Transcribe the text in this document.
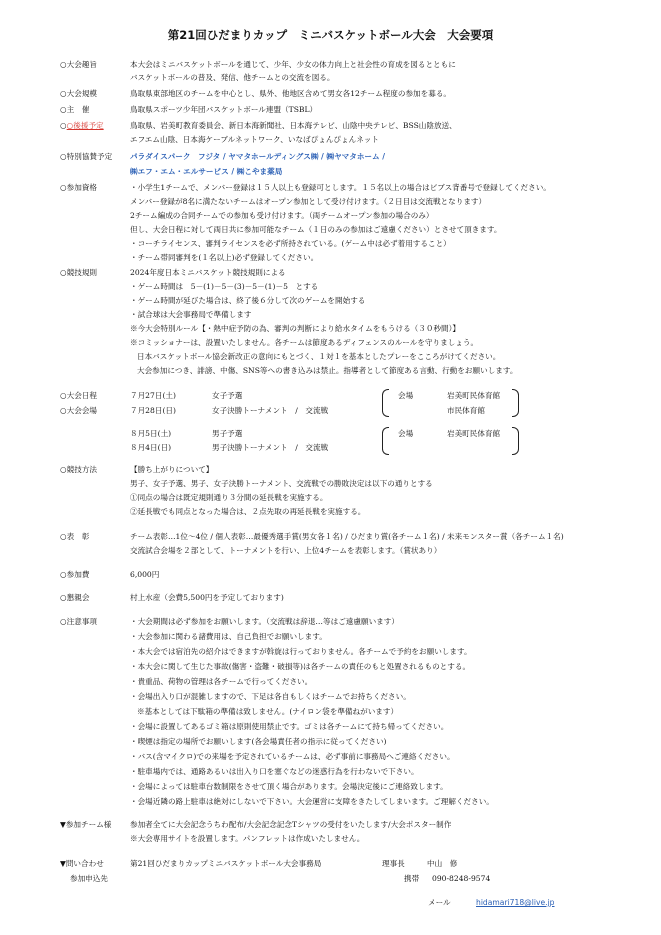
第21回ひだまりカップ　ミニバスケットボール大会　大会要項
○大会趣旨	本大会はミニバスケットボールを通じて、少年、少女の体力向上と社会性の育成を図るとともに
バスケットボールの普及、発信、他チームとの交流を図る。
○大会規模	鳥取県東部地区のチームを中心とし、県外、他地区含めて男女各12チーム程度の参加を募る。
○主　催	鳥取県スポーツ少年団バスケットボール連盟（TSBL）
○○後援予定	鳥取県、岩美町教育委員会、新日本海新聞社、日本海テレビ、山陰中央テレビ、BSS山陰放送、
エフエム山陰、日本海ケーブルネットワーク、いなばぴょんぴょんネット
○特別協賛予定 パラダイスパーク　フジタ / ヤマタホールディングス㈱ / ㈱ヤマタホーム /
㈱エフ・エム・エルサービス / ㈱こやま薬局
○参加資格	・小学生1チームで、メンバー登録は１５人以上も登録可とします。１５名以上の場合はビブス背番号で登録してください。
メンバー登録が8名に満たないチームはオープン参加として受け付けます。（２日目は交流戦となります）
2チーム編成の合同チームでの参加も受け付けます。（両チームオープン参加の場合のみ）
但し、大会日程に対して両日共に参加可能なチーム（１日のみの参加はご遠慮ください）とさせて頂きます。
・コーチライセンス、審判ライセンスを必ず所持されている。(ゲーム中は必ず着用すること）
・チーム帯同審判を(１名以上)必ず登録してください。
○競技規則	2024年度日本ミニバスケット競技規則による
・ゲーム時間は　5－(1)－5－(3)－5－(1)－5　とする
・ゲーム時間が延びた場合は、終了後６分して次のゲームを開始する
・試合球は大会事務局で準備します
※今大会特別ルール【・熱中症予防の為、審判の判断により給水タイムをもうける（３０秒間）】
※コミッショナーは、設置いたしません。各チームは節度あるディフェンスのルールを守りましょう。
日本バスケットボール協会新改正の意向にもとづく、１対１を基本としたプレーをこころがけてください。
大会参加につき、誹謗、中傷、SNS等への書き込みは禁止。指導者として節度ある言動、行動をお願いします。
○大会日程	７月27日(土)	女子予選	会場	岩美町民体育館
○大会会場	７月28日(日)	女子決勝トーナメント　/　交流戦	市民体育館
８月5日(土)	男子予選	会場	岩美町民体育館
８月4日(日)	男子決勝トーナメント　/　交流戦
○競技方法	【勝ち上がりについて】
男子、女子予選、男子、女子決勝トーナメント、交流戦での勝敗決定は以下の通りとする
①同点の場合は既定規則通り３分間の延長戦を実施する。
②延長戦でも同点となった場合は、２点先取の再延長戦を実施する。
○表　彰	チーム表彰…1位～4位 / 個人表彰…最優秀選手賞(男女各１名) / ひだまり賞(各チーム１名) / 未来モンスター賞（各チーム１名)
交流試合会場を２部として、トーナメントを行い、上位4チームを表彰します。（賞状あり）
○参加費	6,000円
○懇親会	村上水産（会費5,500円を予定しております)
○注意事項	・大会期間は必ず参加をお願いします。（交流戦は辞退…等はご遠慮願います）
・大会参加に関わる諸費用は、自己負担でお願いします。
・本大会では宿泊先の紹介はできますが斡旋は行っておりません。各チームで予約をお願いします。
・本大会に関して生じた事故(傷害・盗難・破損等)は各チームの責任のもと処置されるものとする。
・貴重品、荷物の管理は各チームで行ってください。
・会場出入り口が混雑しますので、下足は各自もしくはチームでお持ちください。
※基本としては下駄箱の準備は致しません。(ナイロン袋を準備ねがいます）
・会場に設置してあるゴミ箱は原則使用禁止です。ゴミは各チームにて持ち帰ってください。
・喫煙は指定の場所でお願いします(各会場責任者の指示に従ってください)
・バス(含マイクロ)での来場を予定されているチームは、必ず事前に事務局へご連絡ください。
・駐車場内では、通路あるいは出入り口を塞ぐなどの迷惑行為を行わないで下さい。
・会場によっては駐車台数制限をさせて頂く場合があります。会場決定後にご連絡致します。
・会場近隣の路上駐車は絶対にしないで下さい。大会運営に支障をきたしてしまいます。ご理解ください。
▼参加チーム様 参加者全てに大会記念うちわ配布/大会記念記念Tシャツの受付をいたします/大会ポスター制作
※大会専用サイトを設置します。パンフレットは作成いたしません。
▼問い合わせ	第21回ひだまりカップミニバスケットボール大会事務局	理事長	中山　修
参加申込先	携帯 090-8248-9574
メール	hidamari718@live.jp
